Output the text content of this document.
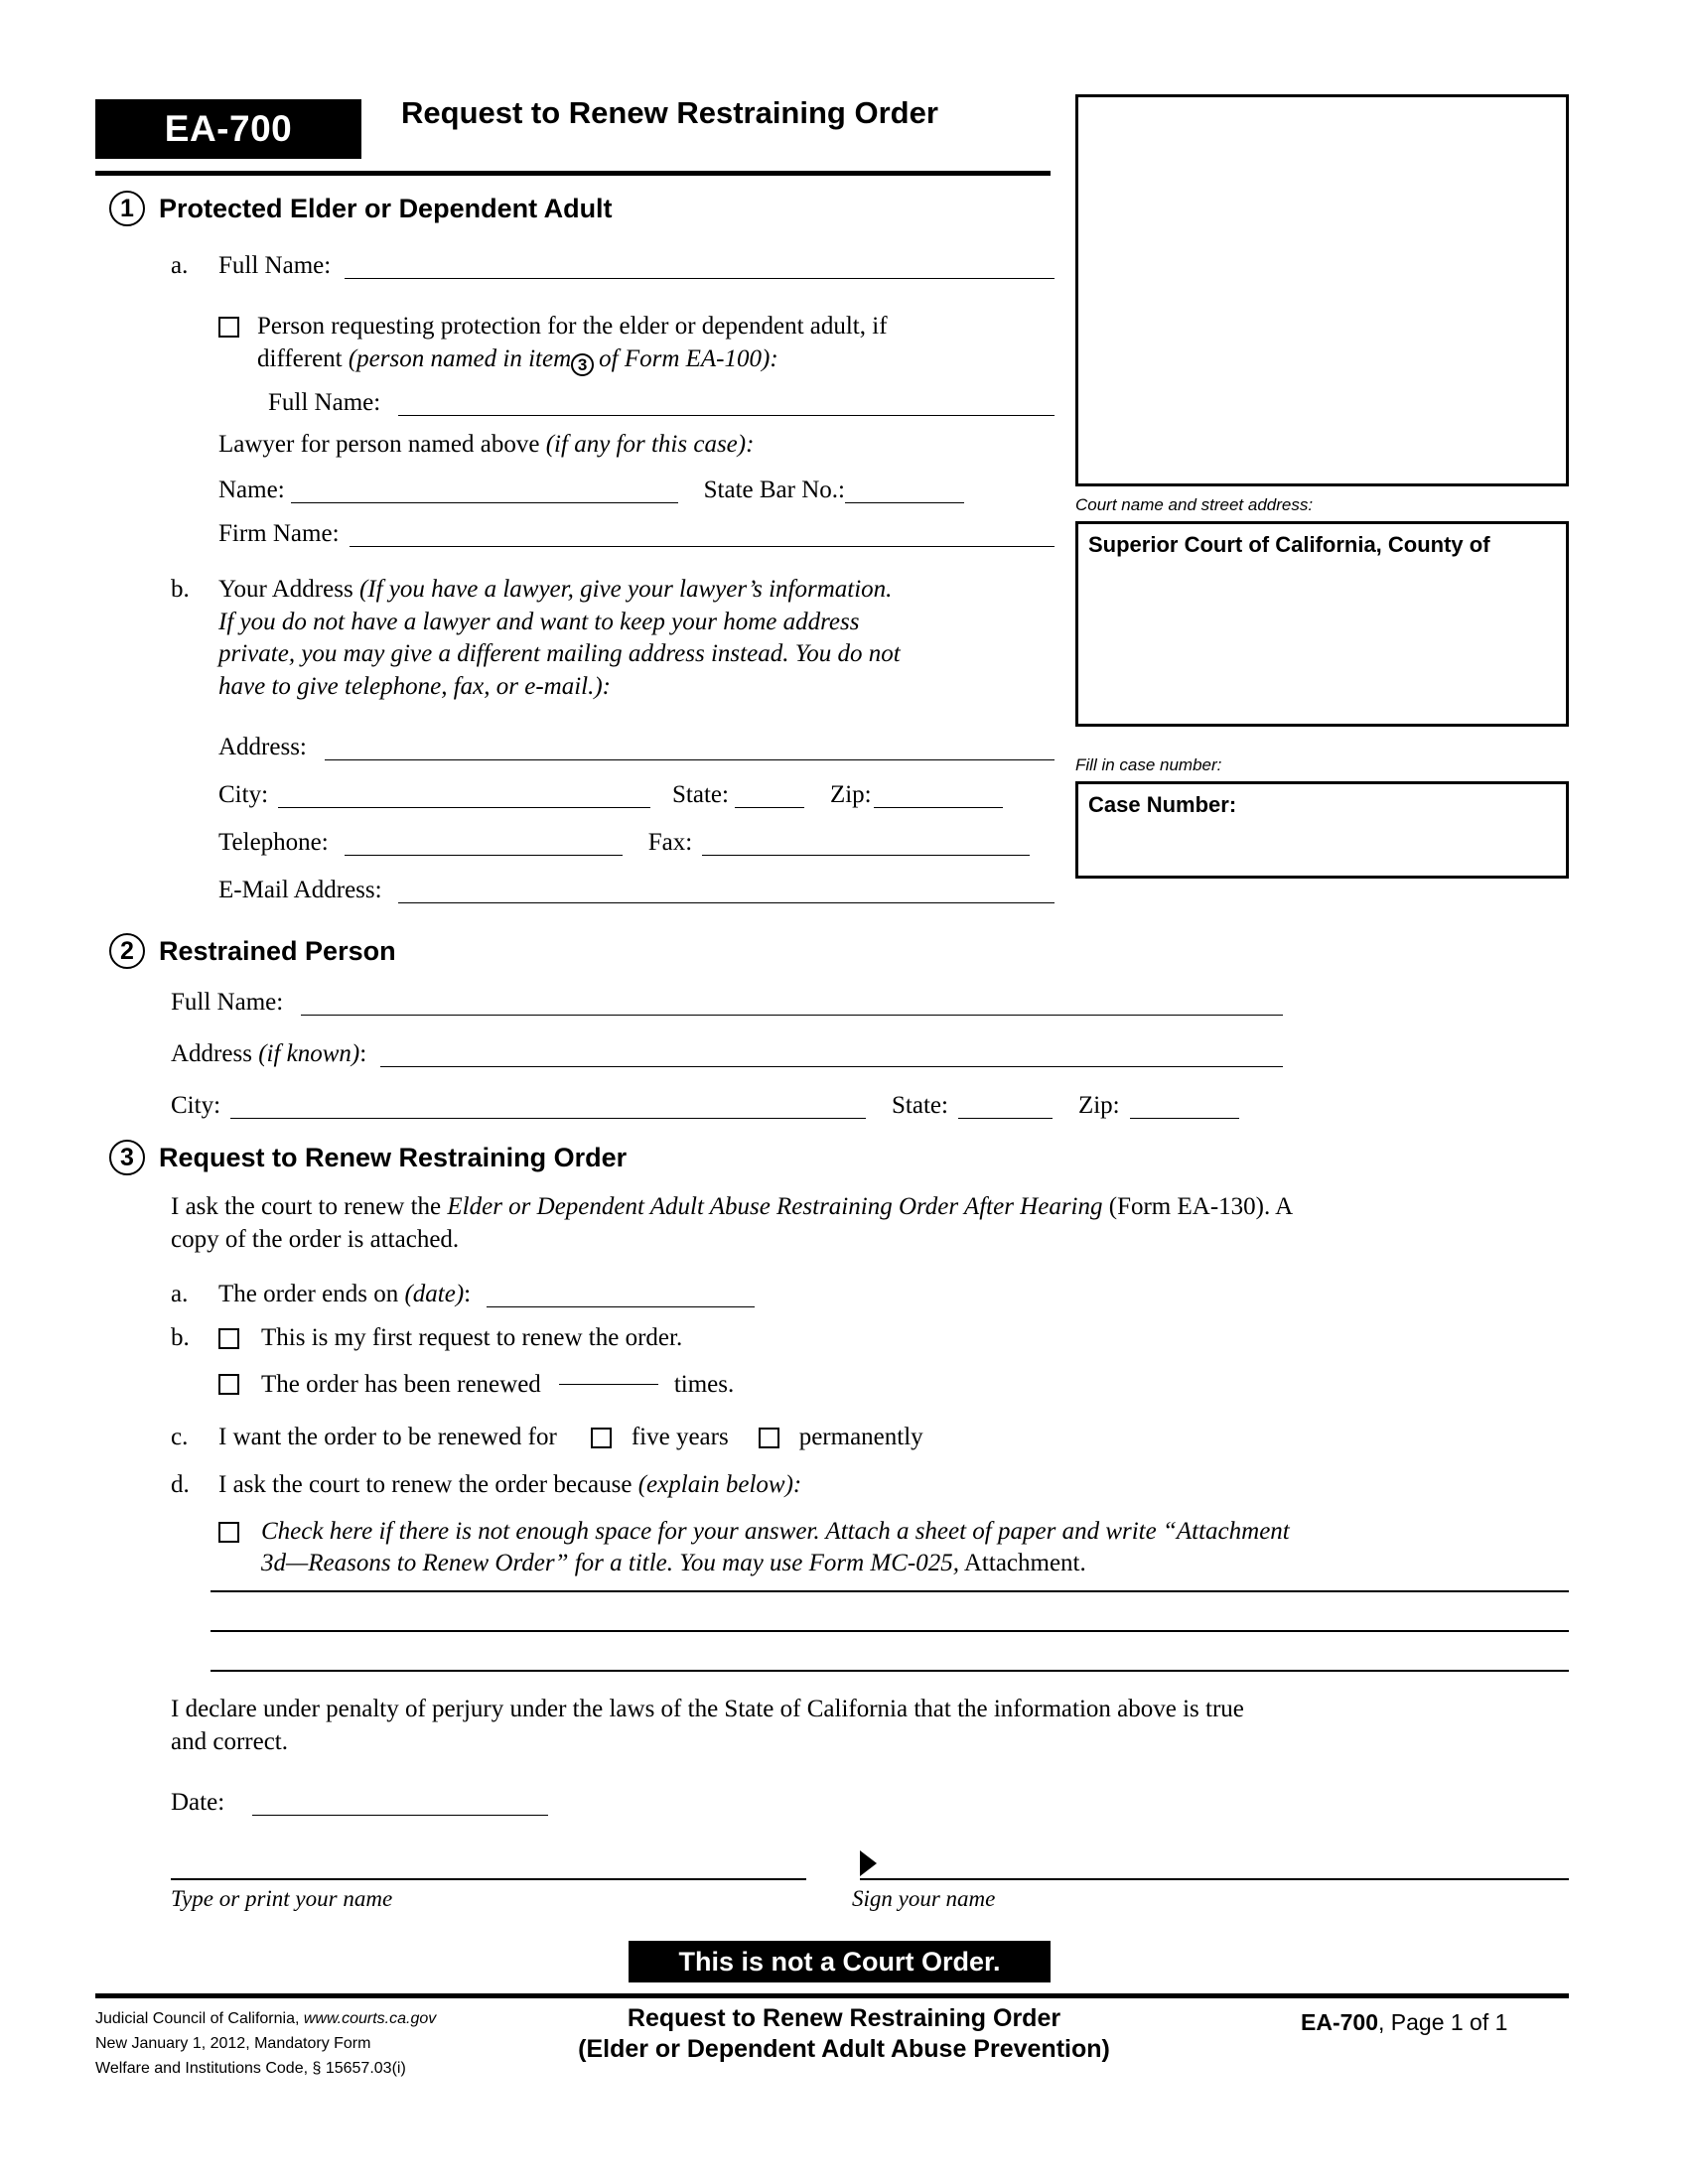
EA-700	Request to Renew Restraining Order
Court name and street address:
Superior Court of California, County of
Fill in case number:
Case Number:
1 Protected Elder or Dependent Adult
a.	Full Name:
Person requesting protection for the elder or dependent adult, if
different (person named in item 3 of Form EA-100):
Full Name:
Lawyer for person named above (if any for this case):
Name:	State Bar No.:
Firm Name:
b.	Your Address (If you have a lawyer, give your lawyer’s information.
If you do not have a lawyer and want to keep your home address
private, you may give a different mailing address instead. You do not
have to give telephone, fax, or e-mail.):
Address:
City:	State:	Zip:
Telephone:	Fax:
E-Mail Address:
2 Restrained Person
Full Name:
Address (if known):
City:	State:	Zip:
3 Request to Renew Restraining Order
I ask the court to renew the Elder or Dependent Adult Abuse Restraining Order After Hearing (Form EA-130). A
copy of the order is attached.
a.	The order ends on (date):
b.	This is my first request to renew the order.
The order has been renewed	times.
c.	I want the order to be renewed for	five years	permanently
d.	I ask the court to renew the order because (explain below):
Check here if there is not enough space for your answer. Attach a sheet of paper and write “Attachment
3d—Reasons to Renew Order” for a title. You may use Form MC-025, Attachment.
I declare under penalty of perjury under the laws of the State of California that the information above is true
and correct.
Date:
Type or print your name	Sign your name
This is not a Court Order.
Judicial Council of California, www.courts.ca.gov
New January 1, 2012, Mandatory Form
Welfare and Institutions Code, § 15657.03(i)
Request to Renew Restraining Order
(Elder or Dependent Adult Abuse Prevention)
EA-700, Page 1 of 1
